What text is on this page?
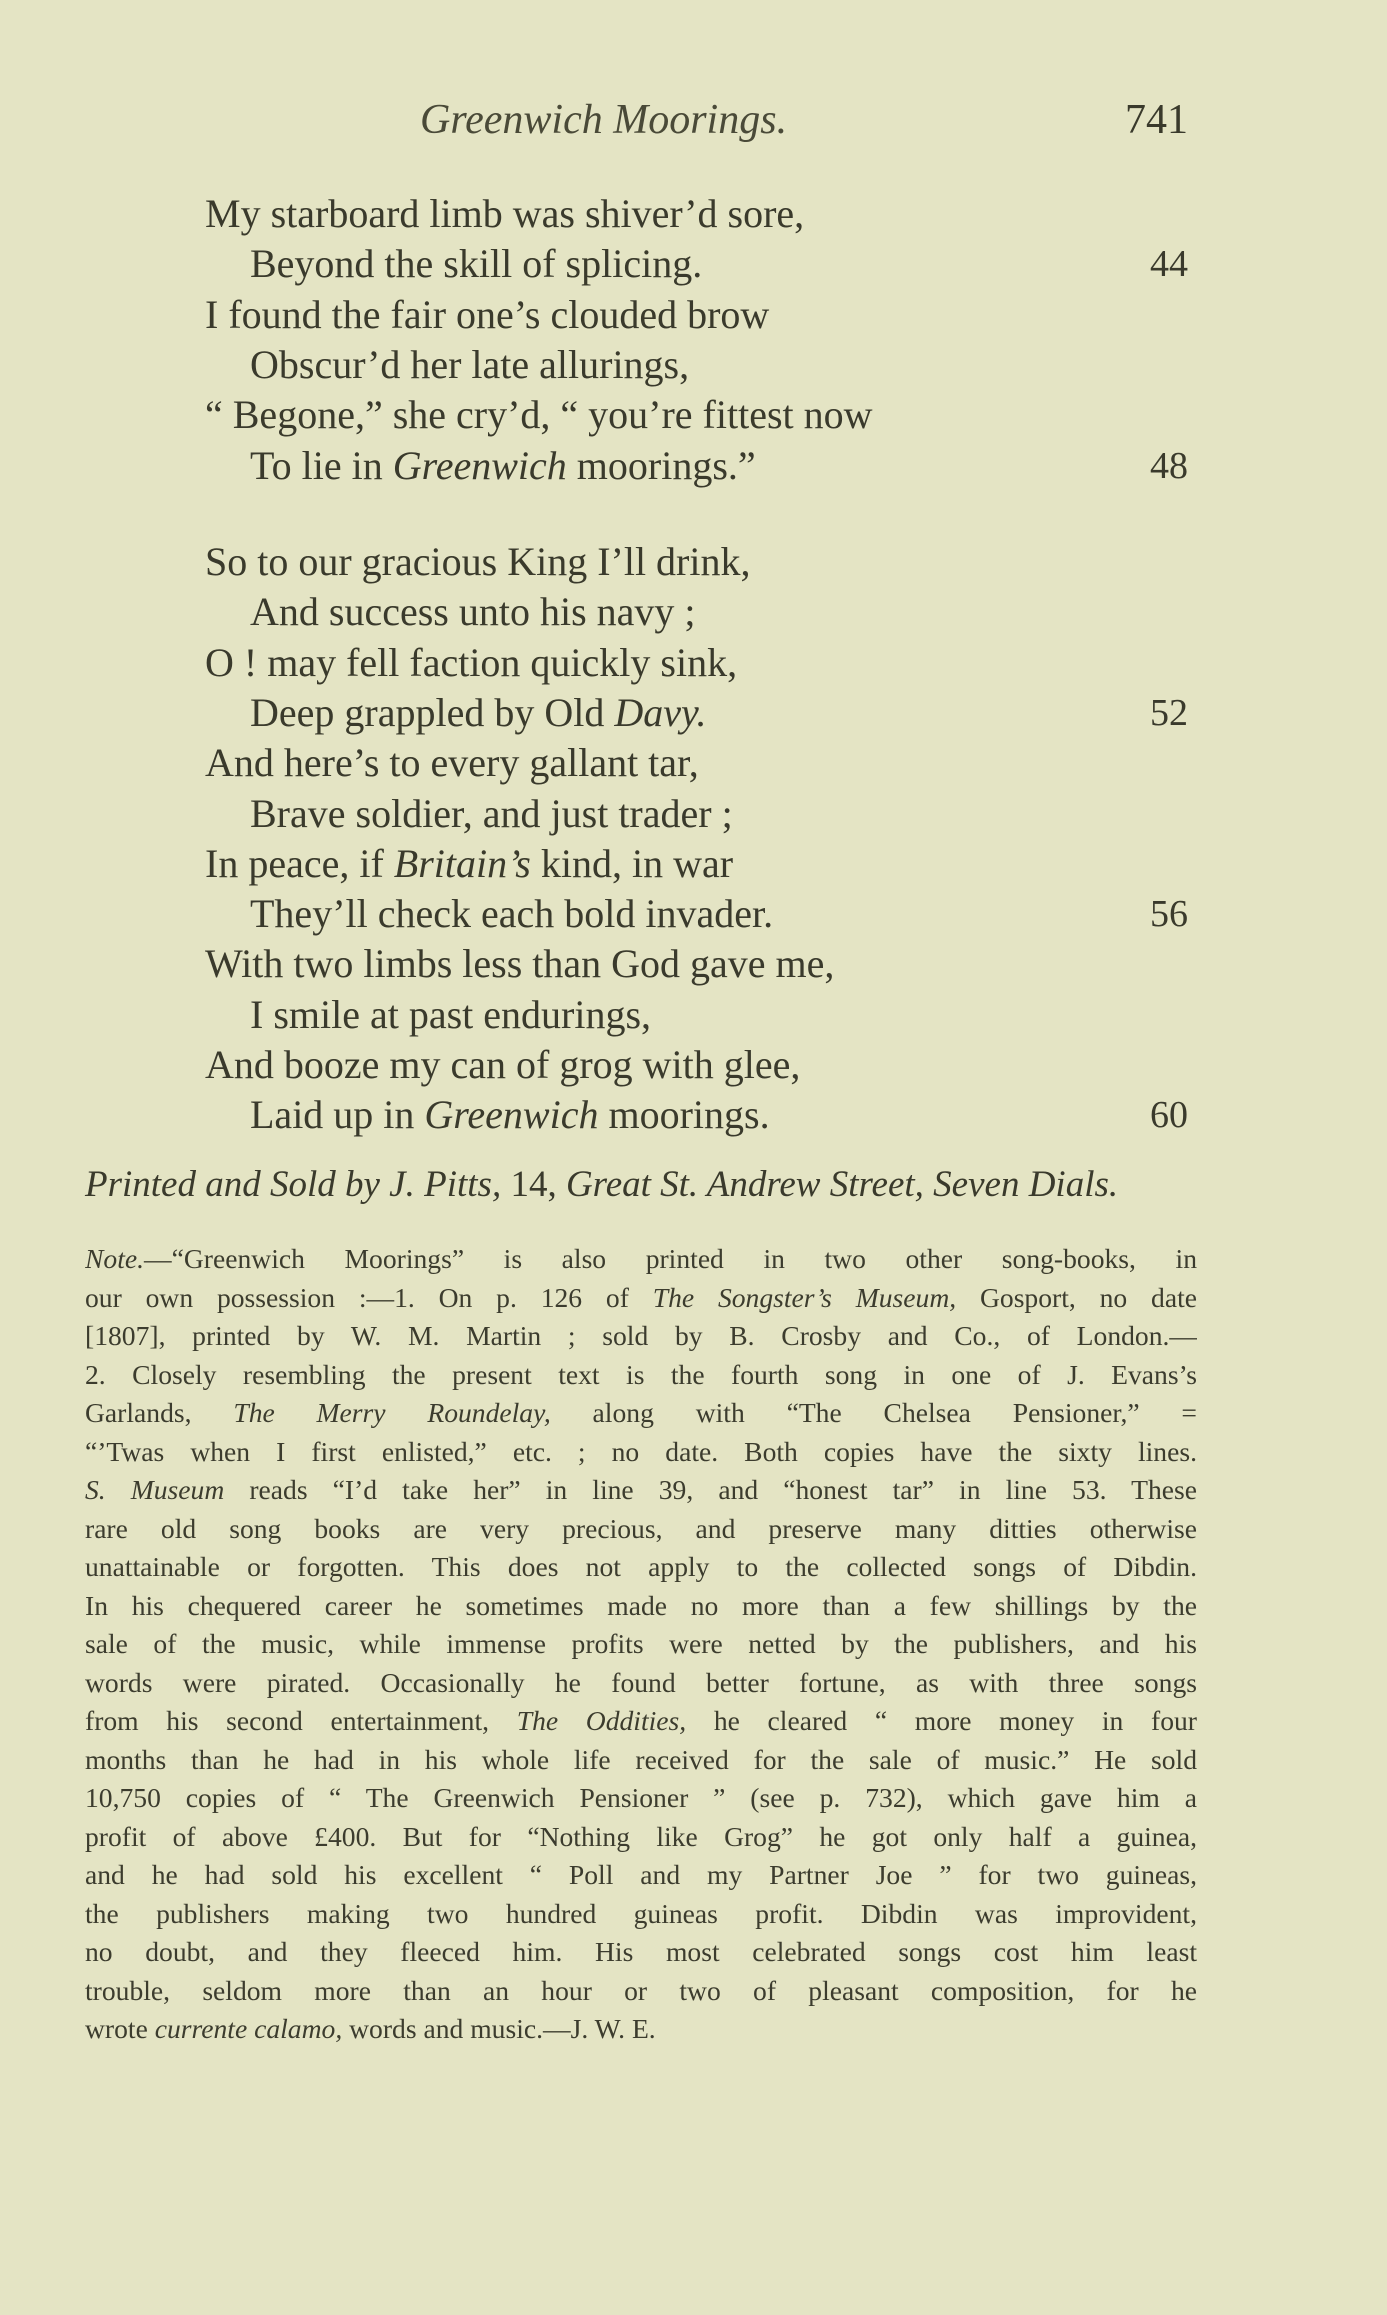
Greenwich Moorings.	741
My starboard limb was shiver’d sore,
Beyond the skill of splicing.	44
I found the fair one’s clouded brow
Obscur’d her late allurings,
“ Begone,” she cry’d, “ you’re fittest now
To lie in Greenwich moorings.”	48
So to our gracious King I’ll drink,
And success unto his navy ;
O ! may fell faction quickly sink,
Deep grappled by Old Davy.	52
And here’s to every gallant tar,
Brave soldier, and just trader ;
In peace, if Britain’s kind, in war
They’ll check each bold invader.	56
With two limbs less than God gave me,
I smile at past endurings,
And booze my can of grog with glee,
Laid up in Greenwich moorings.	60
Printed and Sold by J. Pitts, 14, Great St. Andrew Street, Seven Dials.
Note.—“Greenwich Moorings” is also printed in two other song-books, in
our own possession :—1. On p. 126 of The Songster’s Museum, Gosport, no date
[1807], printed by W. M. Martin ; sold by B. Crosby and Co., of London.—
2. Closely resembling the present text is the fourth song in one of J. Evans’s
Garlands, The Merry Roundelay, along with “The Chelsea Pensioner,” =
“’Twas when I first enlisted,” etc. ; no date. Both copies have the sixty lines.
S. Museum reads “I’d take her” in line 39, and “honest tar” in line 53. These
rare old song books are very precious, and preserve many ditties otherwise
unattainable or forgotten. This does not apply to the collected songs of Dibdin.
In his chequered career he sometimes made no more than a few shillings by the
sale of the music, while immense profits were netted by the publishers, and his
words were pirated. Occasionally he found better fortune, as with three songs
from his second entertainment, The Oddities, he cleared “ more money in four
months than he had in his whole life received for the sale of music.” He sold
10,750 copies of “ The Greenwich Pensioner ” (see p. 732), which gave him a
profit of above £400. But for “Nothing like Grog” he got only half a guinea,
and he had sold his excellent “ Poll and my Partner Joe ” for two guineas,
the publishers making two hundred guineas profit. Dibdin was improvident,
no doubt, and they fleeced him. His most celebrated songs cost him least
trouble, seldom more than an hour or two of pleasant composition, for he
wrote currente calamo, words and music.—J. W. E.
